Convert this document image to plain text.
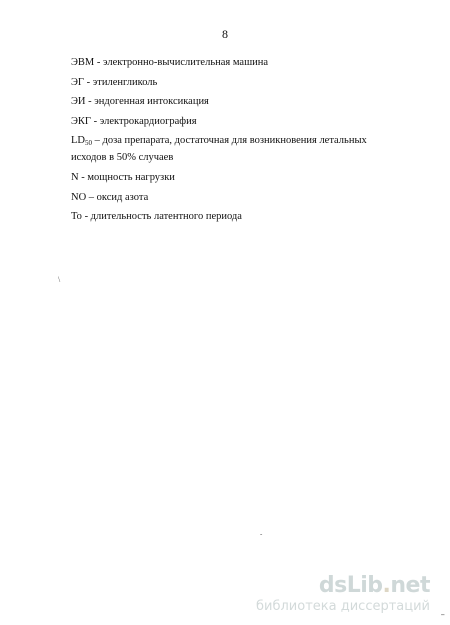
8
ЭВМ - электронно-вычислительная машина
ЭГ - этиленгликоль
ЭИ - эндогенная интоксикация
ЭКГ - электрокардиография
LD50 – доза препарата, достаточная для возникновения летальных
исходов в 50% случаев
N - мощность нагрузки
NO – оксид азота
To - длительность латентного периода
\
-
ⲻ
dsLib.net
библиотека диссертаций
